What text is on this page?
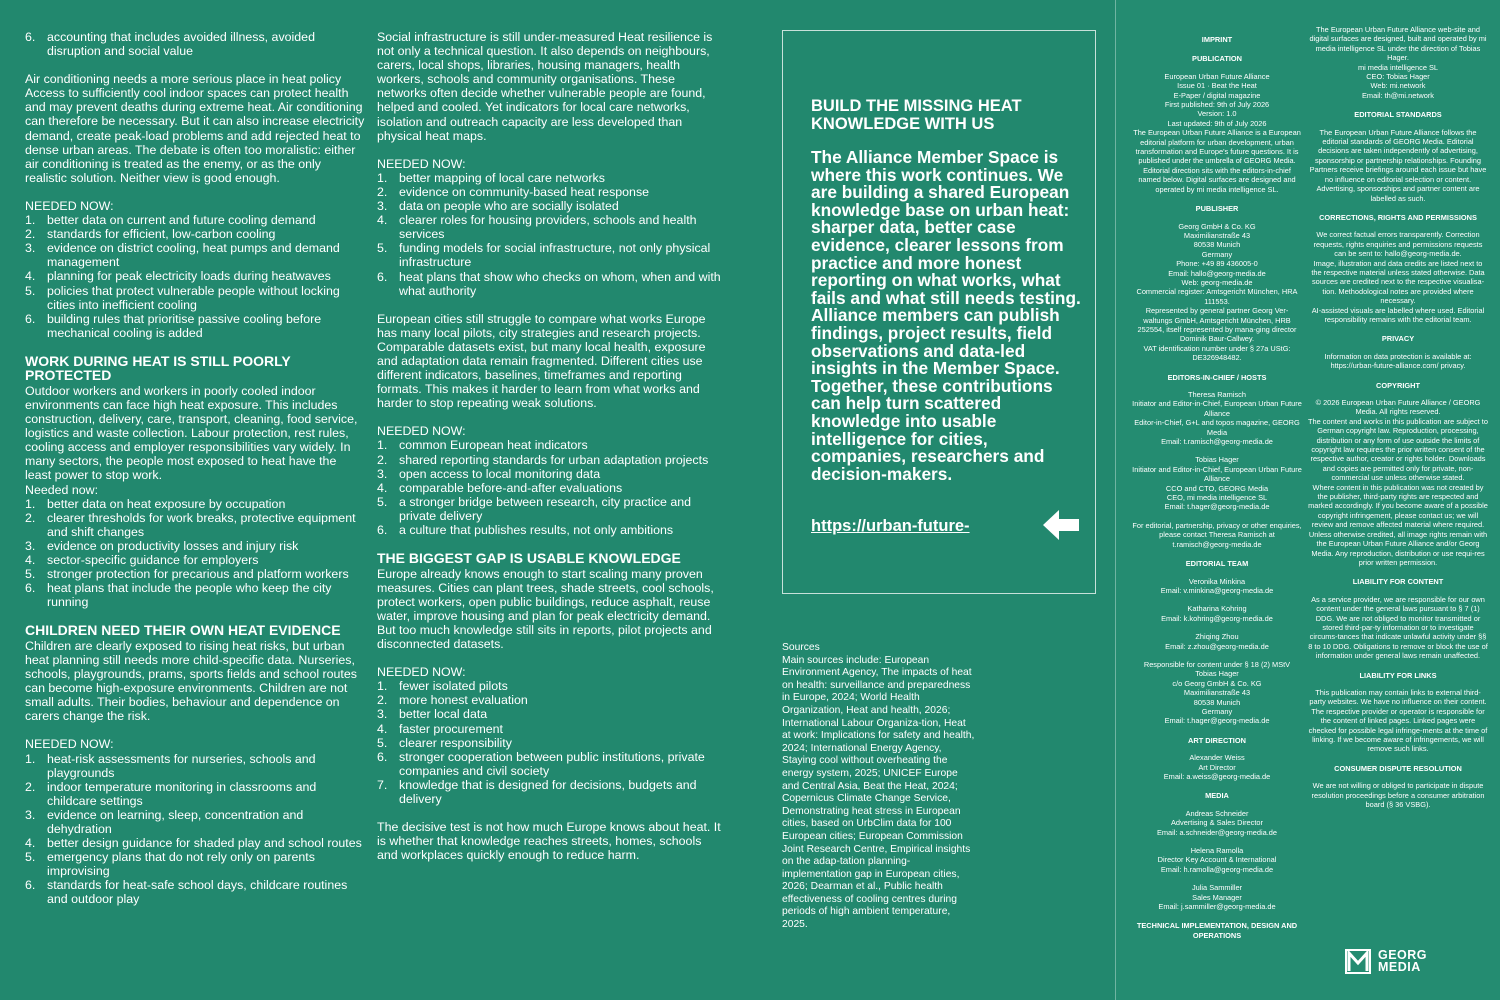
6. accounting that includes avoided illness, avoided disruption and social value

Air conditioning needs a more serious place in heat policy Access to sufficiently cool indoor spaces can protect health and may prevent deaths during extreme heat. Air conditioning can therefore be necessary. But it can also increase electricity demand, create peak-load problems and add rejected heat to dense urban areas. The debate is often too moralistic: either air conditioning is treated as the enemy, or as the only realistic solution. Neither view is good enough.

NEEDED NOW:

1. better data on current and future cooling demand
2. standards for efficient, low-carbon cooling
3. evidence on district cooling, heat pumps and demand management
4. planning for peak electricity loads during heatwaves
5. policies that protect vulnerable people without locking cities into inefficient cooling
6. building rules that prioritise passive cooling before mechanical cooling is added
WORK DURING HEAT IS STILL POORLY PROTECTED

Outdoor workers and workers in poorly cooled indoor environments can face high heat exposure. This includes construction, delivery, care, transport, cleaning, food service, logistics and waste collection. Labour protection, rest rules, cooling access and employer responsibilities vary widely. In many sectors, the people most exposed to heat have the least power to stop work.

Needed now:

1. better data on heat exposure by occupation
2. clearer thresholds for work breaks, protective equipment and shift changes
3. evidence on productivity losses and injury risk
4. sector-specific guidance for employers
5. stronger protection for precarious and platform workers
6. heat plans that include the people who keep the city running
CHILDREN NEED THEIR OWN HEAT EVIDENCE

Children are clearly exposed to rising heat risks, but urban heat planning still needs more child-specific data. Nurseries, schools, playgrounds, prams, sports fields and school routes can become high-exposure environments. Children are not small adults. Their bodies, behaviour and dependence on carers change the risk.

NEEDED NOW:

1. heat-risk assessments for nurseries, schools and playgrounds
2. indoor temperature monitoring in classrooms and childcare settings
3. evidence on learning, sleep, concentration and dehydration
4. better design guidance for shaded play and school routes
5. emergency plans that do not rely only on parents improvising
6. standards for heat-safe school days, childcare routines and outdoor play

Social infrastructure is still under-measured Heat resilience is not only a technical question. It also depends on neighbours, carers, local shops, libraries, housing managers, health workers, schools and community organisations. These networks often decide whether vulnerable people are found, helped and cooled. Yet indicators for local care networks, isolation and outreach capacity are less developed than physical heat maps.

NEEDED NOW:

1. better mapping of local care networks
2. evidence on community-based heat response
3. data on people who are socially isolated
4. clearer roles for housing providers, schools and health services
5. funding models for social infrastructure, not only physical infrastructure
6. heat plans that show who checks on whom, when and with what authority

European cities still struggle to compare what works Europe has many local pilots, city strategies and research projects. Comparable datasets exist, but many local health, exposure and adaptation data remain fragmented. Different cities use different indicators, baselines, timeframes and reporting formats. This makes it harder to learn from what works and harder to stop repeating weak solutions.

NEEDED NOW:

1. common European heat indicators
2. shared reporting standards for urban adaptation projects
3. open access to local monitoring data
4. comparable before-and-after evaluations
5. a stronger bridge between research, city practice and private delivery
6. a culture that publishes results, not only ambitions
THE BIGGEST GAP IS USABLE KNOWLEDGE

Europe already knows enough to start scaling many proven measures. Cities can plant trees, shade streets, cool schools, protect workers, open public buildings, reduce asphalt, reuse water, improve housing and plan for peak electricity demand. But too much knowledge still sits in reports, pilot projects and disconnected datasets.

NEEDED NOW:

1. fewer isolated pilots
2. more honest evaluation
3. better local data
4. faster procurement
5. clearer responsibility
6. stronger cooperation between public institutions, private companies and civil society
7. knowledge that is designed for decisions, budgets and delivery

The decisive test is not how much Europe knows about heat. It is whether that knowledge reaches streets, homes, schools and workplaces quickly enough to reduce harm.

BUILD THE MISSING HEAT KNOWLEDGE WITH US
The Alliance Member Space is where this work continues. We are building a shared European knowledge base on urban heat: sharper data, better case evidence, clearer lessons from practice and more honest reporting on what works, what fails and what still needs testing. Alliance members can publish findings, project results, field observations and data-led insights in the Member Space. Together, these contributions can help turn scattered knowledge into usable intelligence for cities, companies, researchers and decision-makers.
https://urban-future-

Sources

Main sources include: European Environment Agency, The impacts of heat on health: surveillance and preparedness in Europe, 2024; World Health Organization, Heat and health, 2026; International Labour Organiza-tion, Heat at work: Implications for safety and health, 2024; International Energy Agency, Staying cool without overheating the energy system, 2025; UNICEF Europe and Central Asia, Beat the Heat, 2024; Copernicus Climate Change Service, Demonstrating heat stress in European cities, based on UrbClim data for 100 European cities; European Commission Joint Research Centre, Empirical insights on the adap-tation planning-implementation gap in European cities, 2026; Dearman et al., Public health effectiveness of cooling centres during periods of high ambient temperature, 2025.

IMPRINT
PUBLICATION
European Urban Future Alliance
Issue 01 · Beat the Heat
E-Paper / digital magazine
First published: 9th of July 2026
Version: 1.0
Last updated: 9th of July 2026
The European Urban Future Alliance is a European editorial platform for urban development, urban transformation and Europe's future questions. It is published under the umbrella of GEORG Media. Editorial direction sits with the editors-in-chief named below. Digital surfaces are designed and operated by mi media intelligence SL.
PUBLISHER
Georg GmbH & Co. KG
Maximilianstraße 43
80538 Munich
Germany
Phone: +49 89 436005-0
Email: hallo@georg-media.de
Web: georg-media.de
Commercial register: Amtsgericht München, HRA 111553.
Represented by general partner Georg Ver-waltungs GmbH, Amtsgericht München, HRB 252554, itself represented by mana-ging director Dominik Baur-Callwey.
VAT identification number under § 27a UStG: DE326948482.
EDITORS-IN-CHIEF / HOSTS
Theresa Ramisch
Initiator and Editor-in-Chief, European Urban Future Alliance
Editor-in-Chief, G+L and topos magazine, GEORG Media
Email: t.ramisch@georg-media.de
Tobias Hager
Initiator and Editor-in-Chief, European Urban Future Alliance
CCO and CTO, GEORG Media
CEO, mi media intelligence SL
Email: t.hager@georg-media.de
For editorial, partnership, privacy or other enquiries, please contact Theresa Ramisch at t.ramisch@georg-media.de
EDITORIAL TEAM
Veronika Minkina
Email: v.minkina@georg-media.de
Katharina Kohring
Email: k.kohring@georg-media.de
Zhiqing Zhou
Email: z.zhou@georg-media.de
Responsible for content under § 18 (2) MStV
Tobias Hager
c/o Georg GmbH & Co. KG
Maximilianstraße 43
80538 Munich
Germany
Email: t.hager@georg-media.de
ART DIRECTION
Alexander Weiss
Art Director
Email: a.weiss@georg-media.de
MEDIA
Andreas Schneider
Advertising & Sales Director
Email: a.schneider@georg-media.de
Helena Ramolla
Director Key Account & International
Email: h.ramolla@georg-media.de
Julia Sammiller
Sales Manager
Email: j.sammiller@georg-media.de
TECHNICAL IMPLEMENTATION, DESIGN AND OPERATIONS
The European Urban Future Alliance web-site and digital surfaces are designed, built and operated by mi media intelligence SL under the direction of Tobias Hager.
mi media intelligence SL
CEO: Tobias Hager
Web: mi.network
Email: th@mi.network
EDITORIAL STANDARDS
The European Urban Future Alliance follows the editorial standards of GEORG Media. Editorial decisions are taken independently of advertising, sponsorship or partnership relationships. Founding Partners receive briefings around each issue but have no influence on editorial selection or content.
Advertising, sponsorships and partner content are labelled as such.
CORRECTIONS, RIGHTS AND PERMISSIONS
We correct factual errors transparently. Correction requests, rights enquiries and permissions requests can be sent to: hallo@georg-media.de.
Image, illustration and data credits are listed next to the respective material unless stated otherwise. Data sources are credited next to the respective visualisa-tion. Methodological notes are provided where necessary.
AI-assisted visuals are labelled where used. Editorial responsibility remains with the editorial team.
PRIVACY
Information on data protection is available at: https://urban-future-alliance.com/ privacy.
COPYRIGHT
© 2026 European Urban Future Alliance / GEORG Media. All rights reserved.
The content and works in this publication are subject to German copyright law. Reproduction, processing, distribution or any form of use outside the limits of copyright law requires the prior written consent of the respective author, creator or rights holder. Downloads and copies are permitted only for private, non-commercial use unless otherwise stated.
Where content in this publication was not created by the publisher, third-party rights are respected and marked accordingly. If you become aware of a possible copyright infringement, please contact us; we will review and remove affected material where required. Unless otherwise credited, all image rights remain with the European Urban Future Alliance and/or Georg Media. Any reproduction, distribution or use requi-res prior written permission.
LIABILITY FOR CONTENT
As a service provider, we are responsible for our own content under the general laws pursuant to § 7 (1) DDG. We are not obliged to monitor transmitted or stored third-par-ty information or to investigate circums-tances that indicate unlawful activity under §§ 8 to 10 DDG. Obligations to remove or block the use of information under general laws remain unaffected.
LIABILITY FOR LINKS
This publication may contain links to external third-party websites. We have no influence on their content. The respective provider or operator is responsible for the content of linked pages. Linked pages were checked for possible legal infringe-ments at the time of linking. If we become aware of infringements, we will remove such links.
CONSUMER DISPUTE RESOLUTION
We are not willing or obliged to participate in dispute resolution proceedings before a consumer arbitration board (§ 36 VSBG).
GEORG
MEDIA
